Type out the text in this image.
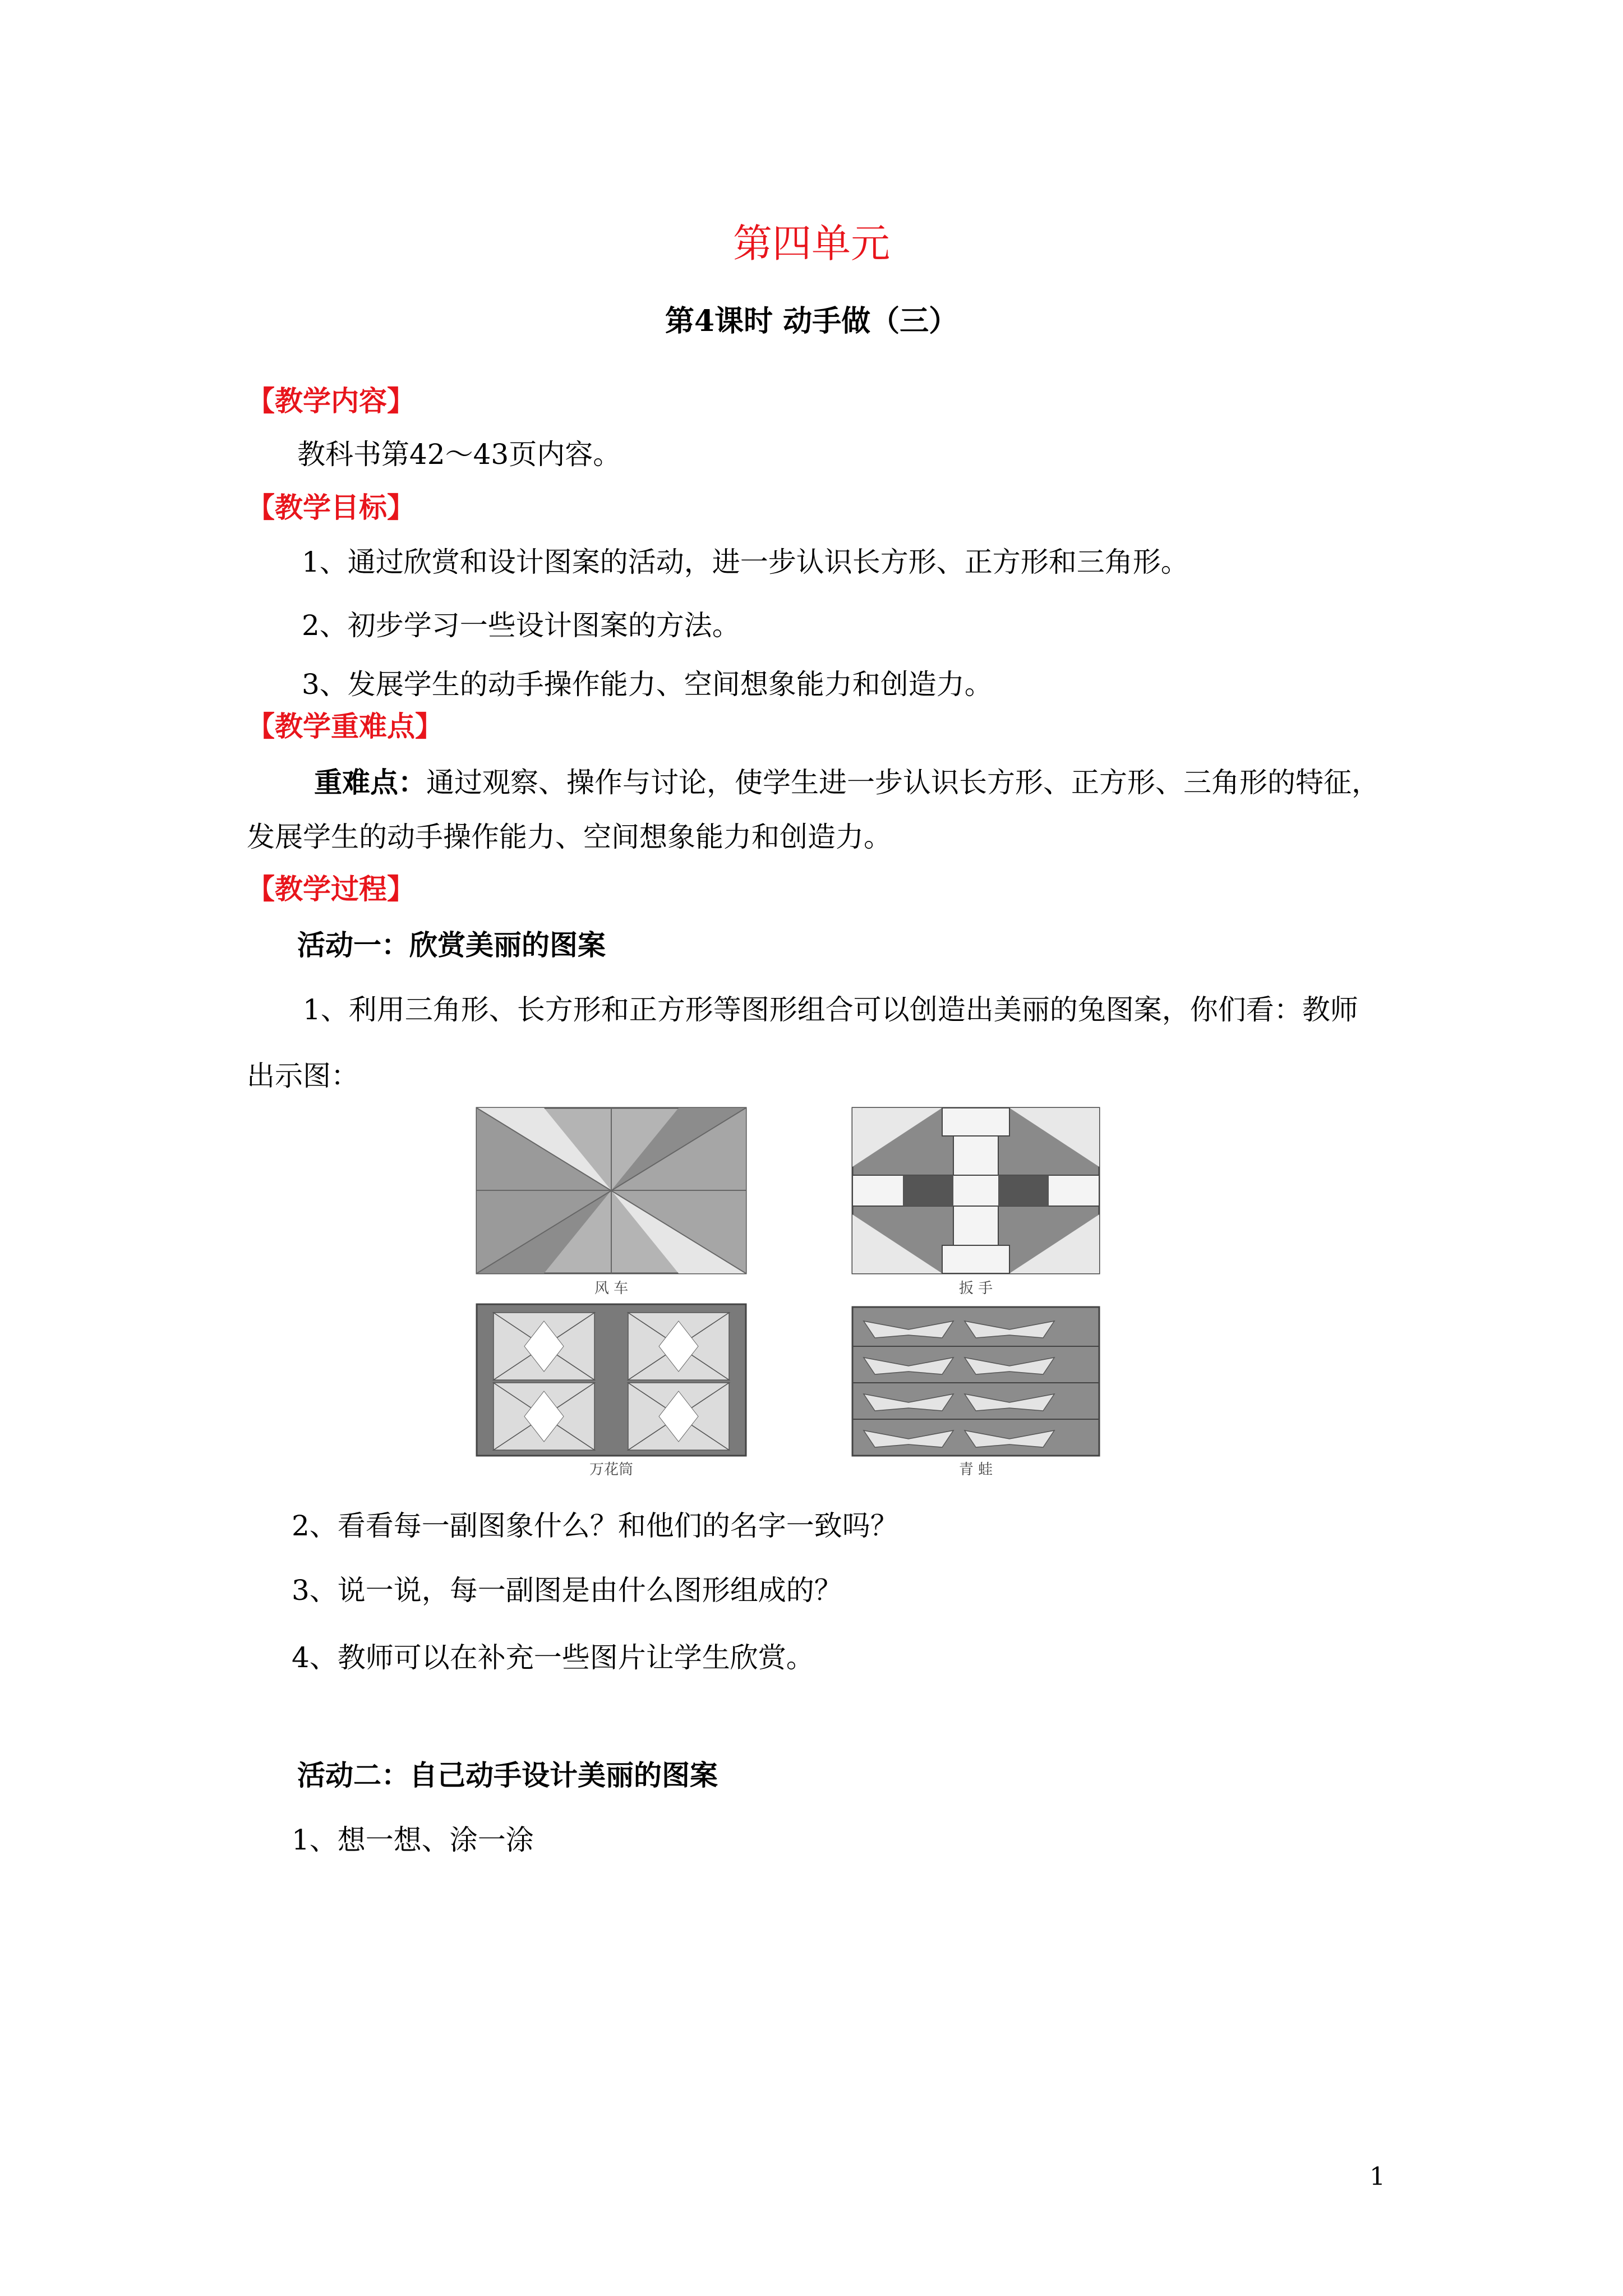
第四单元
第4课时 动手做（三）
【教学内容】
教科书第42～43页内容。
【教学目标】
1、通过欣赏和设计图案的活动，进一步认识长方形、正方形和三角形。
2、初步学习一些设计图案的方法。
3、发展学生的动手操作能力、空间想象能力和创造力。
【教学重难点】
重难点：通过观察、操作与讨论，使学生进一步认识长方形、正方形、三角形的特征，
发展学生的动手操作能力、空间想象能力和创造力。
【教学过程】
活动一：欣赏美丽的图案
1、利用三角形、长方形和正方形等图形组合可以创造出美丽的兔图案，你们看：教师
出示图：
风 车	扳 手
万花筒	青 蛙
2、看看每一副图象什么？和他们的名字一致吗？
3、说一说，每一副图是由什么图形组成的？
4、教师可以在补充一些图片让学生欣赏。
活动二：自己动手设计美丽的图案
1、想一想、涂一涂
1
